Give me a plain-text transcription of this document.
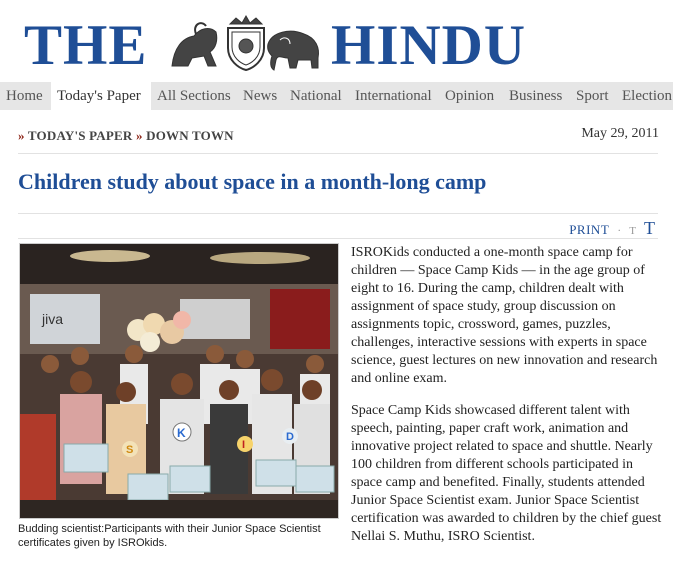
THE	HINDU
Home Today's Paper	All Sections News National International Opinion Business Sport Election
» TODAY'S PAPER » DOWN TOWN	May 29, 2011
Children study about space in a month-long camp
PRINT · T T
jiva
K
I
D
S
Budding scientist:Participants with their Junior Space Scientist certificates given by ISROkids.

ISROKids conducted a one-month space camp for children — Space Camp Kids — in the age group of eight to 16. During the camp, children dealt with assignment of space study, group discussion on assignments topic, crossword, games, puzzles, challenges, interactive sessions with experts in space science, guest lectures on new innovation and research and online exam.

Space Camp Kids showcased different talent with speech, painting, paper craft work, animation and innovative project related to space and shuttle. Nearly 100 children from different schools participated in space camp and benefited. Finally, students attended Junior Space Scientist exam. Junior Space Scientist certification was awarded to children by the chief guest Nellai S. Muthu, ISRO Scientist.
